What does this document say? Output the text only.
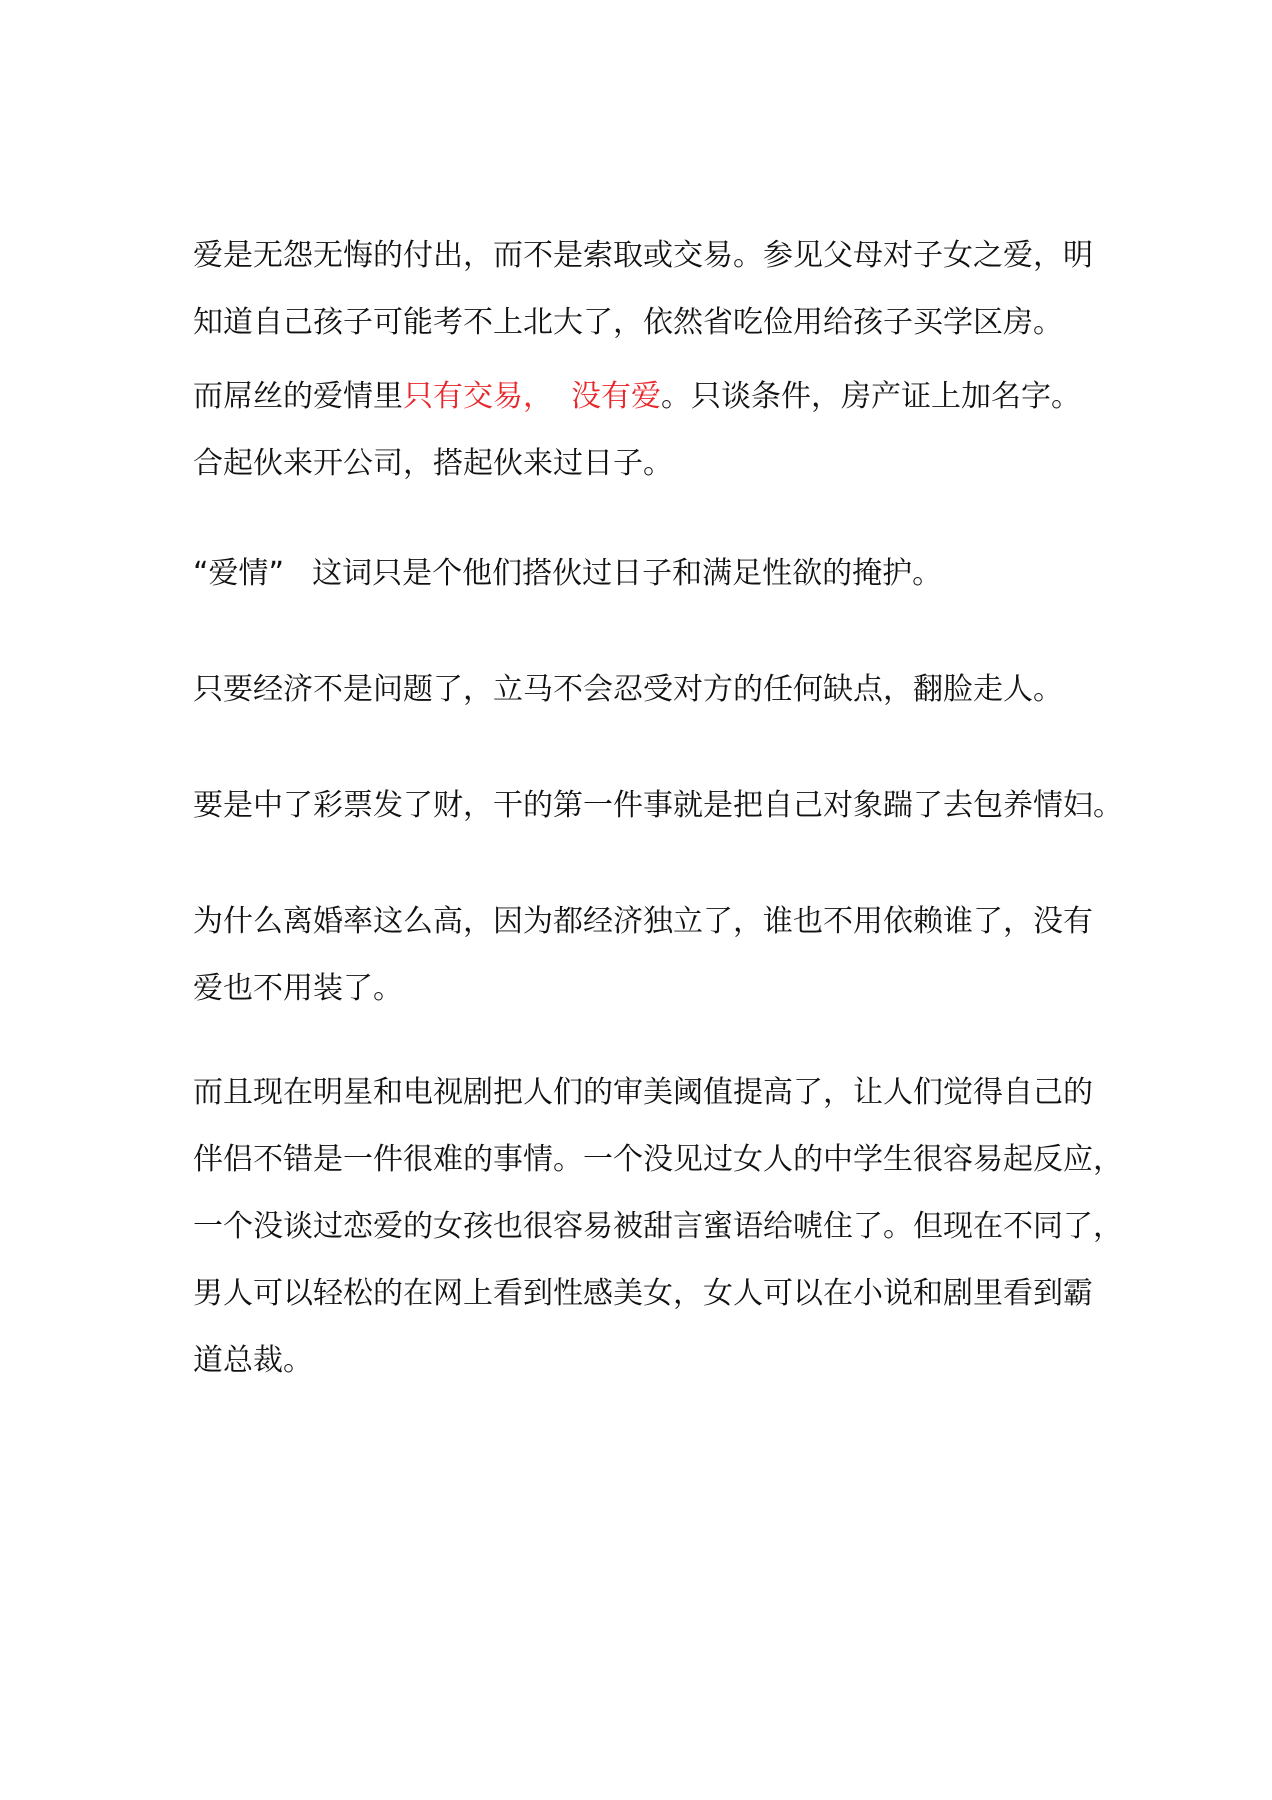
爱是无怨无悔的付出，而不是索取或交易。参见父母对子女之爱，明
知道自己孩子可能考不上北大了，依然省吃俭用给孩子买学区房。

而屌丝的爱情里只有交易， 没有爱。只谈条件，房产证上加名字。
合起伙来开公司，搭起伙来过日子。

“爱情” 这词只是个他们搭伙过日子和满足性欲的掩护。

只要经济不是问题了，立马不会忍受对方的任何缺点，翻脸走人。

要是中了彩票发了财，干的第一件事就是把自己对象踹了去包养情妇。

为什么离婚率这么高，因为都经济独立了，谁也不用依赖谁了，没有
爱也不用装了。

而且现在明星和电视剧把人们的审美阈值提高了，让人们觉得自己的
伴侣不错是一件很难的事情。一个没见过女人的中学生很容易起反应，
一个没谈过恋爱的女孩也很容易被甜言蜜语给唬住了。但现在不同了，
男人可以轻松的在网上看到性感美女，女人可以在小说和剧里看到霸
道总裁。
